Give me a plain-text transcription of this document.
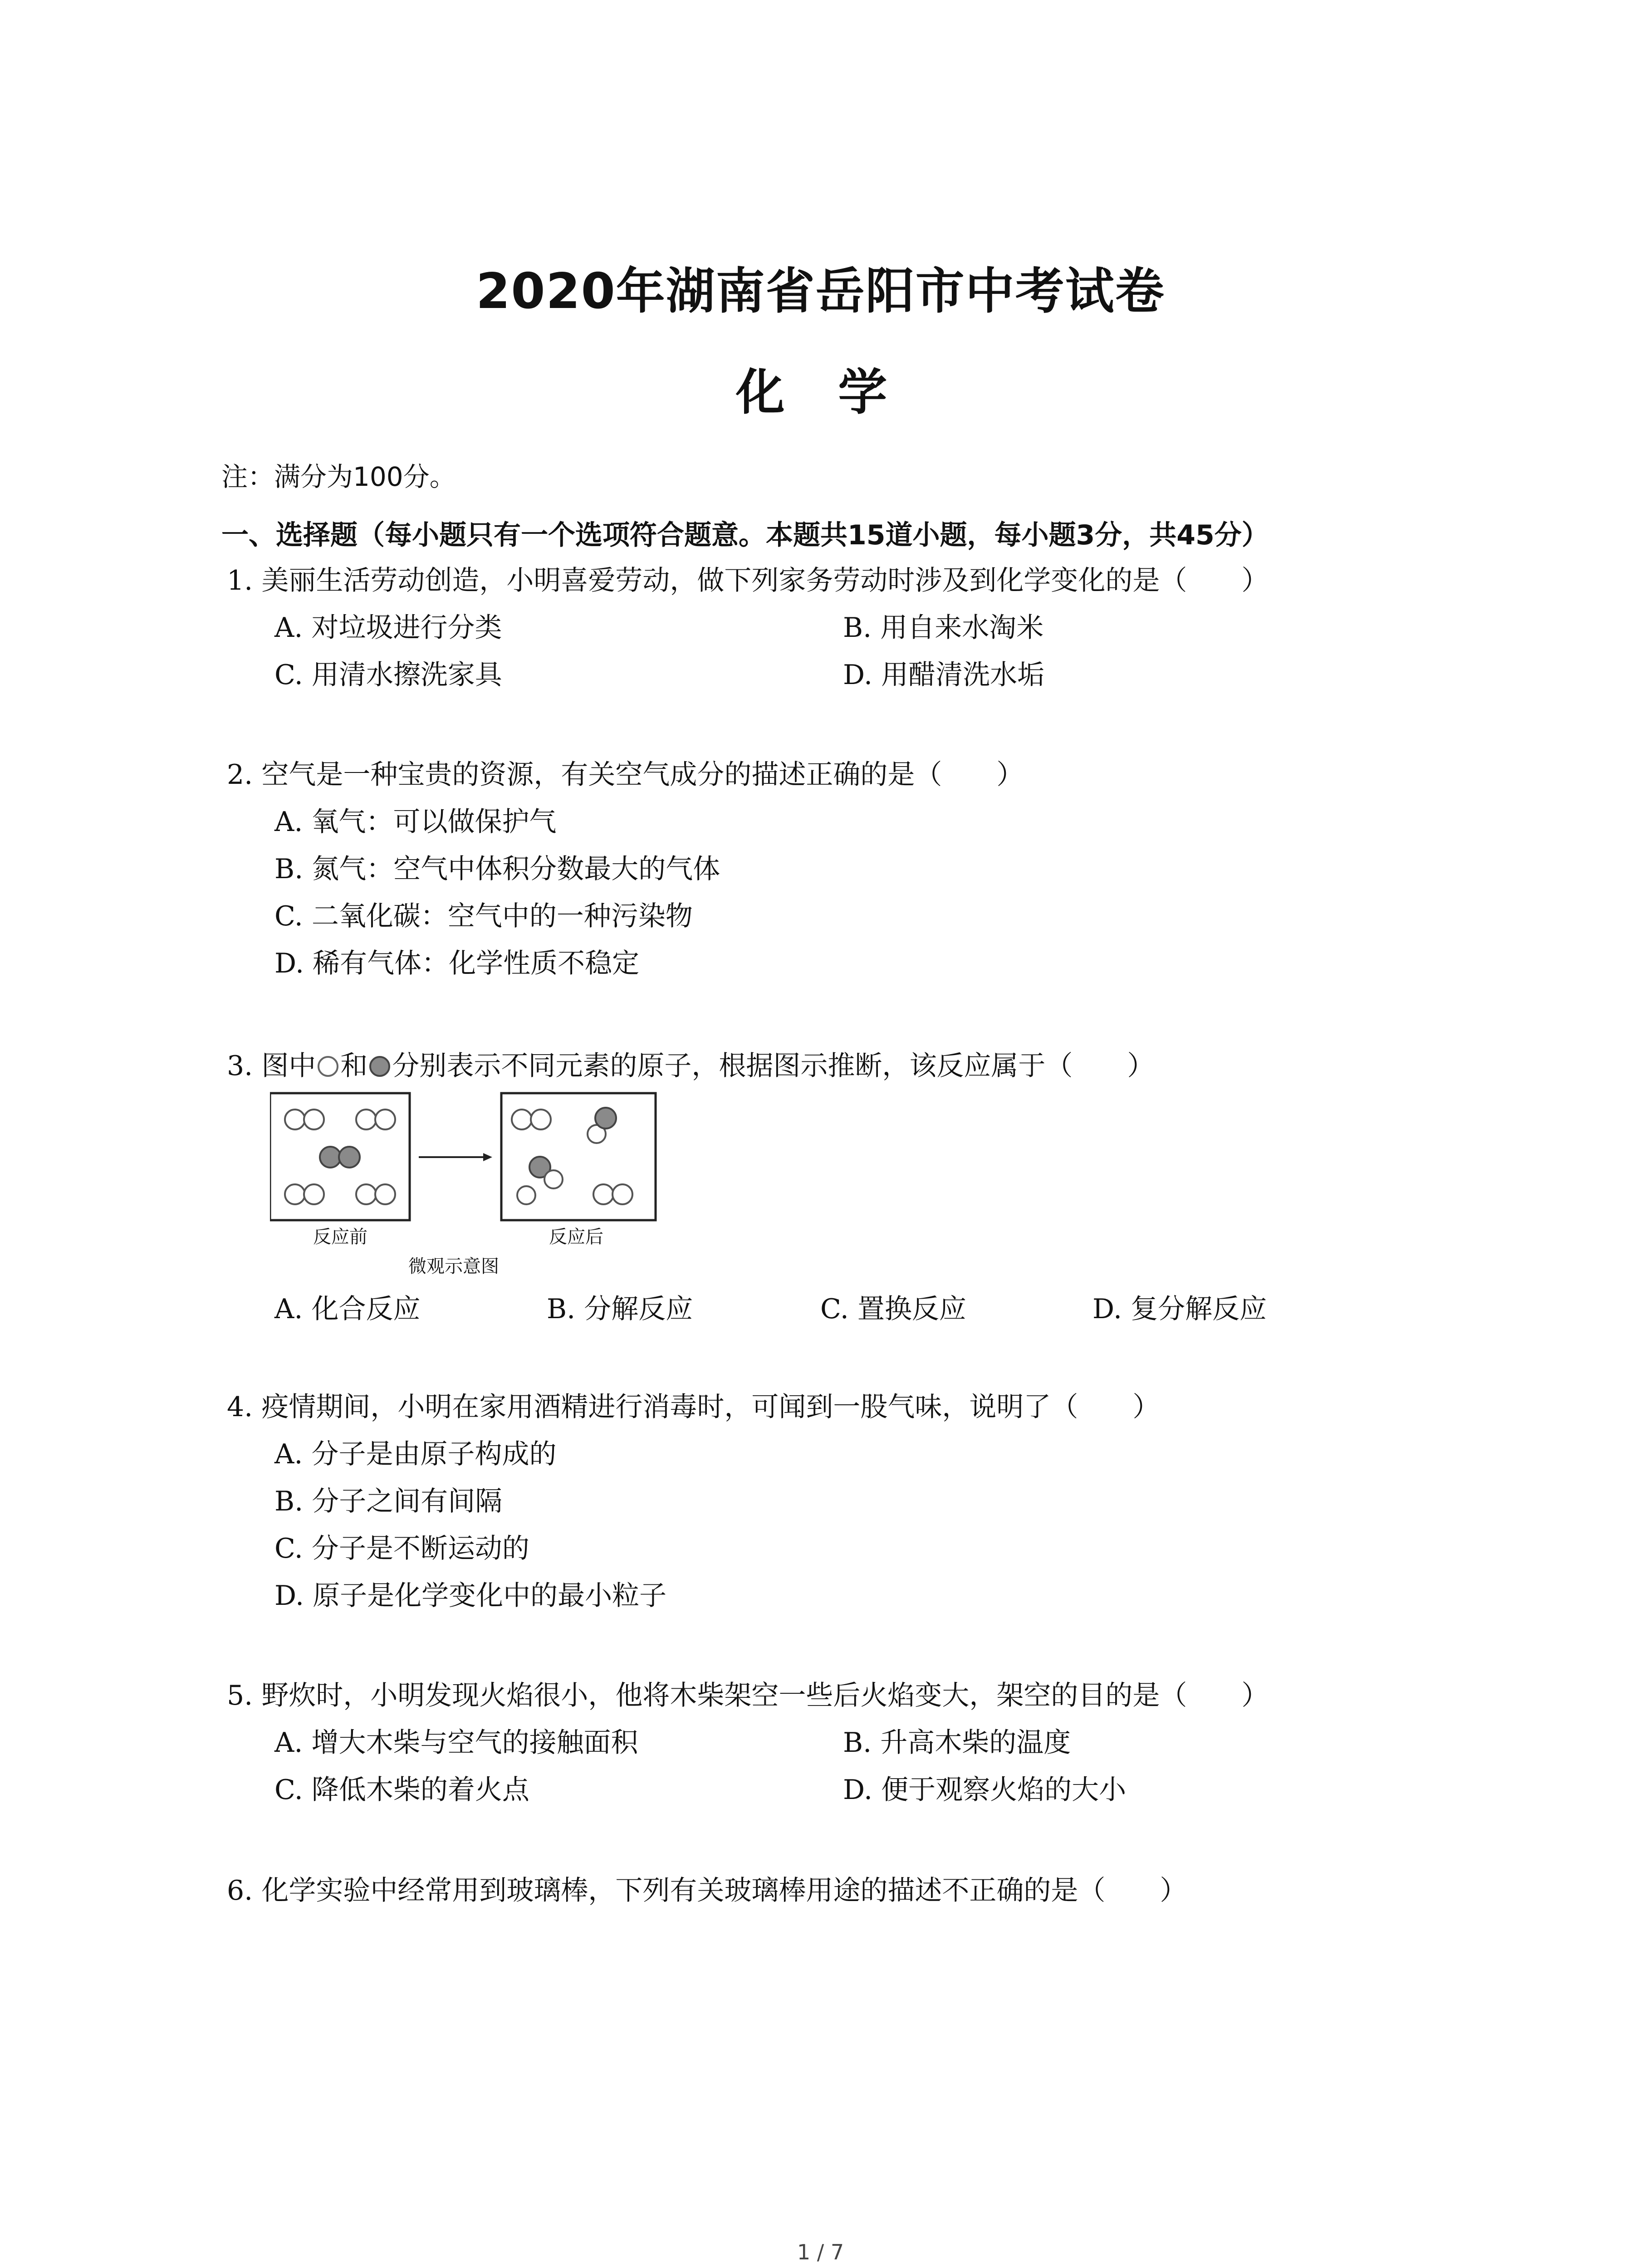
2020年湖南省岳阳市中考试卷
化 学
注：满分为100分。
一、选择题（每小题只有一个选项符合题意。本题共15道小题，每小题3分，共45分）
1. 美丽生活劳动创造，小明喜爱劳动，做下列家务劳动时涉及到化学变化的是（　　）
A. 对垃圾进行分类	B. 用自来水淘米
C. 用清水擦洗家具	D. 用醋清洗水垢
2. 空气是一种宝贵的资源，有关空气成分的描述正确的是（　　）
A. 氧气：可以做保护气
B. 氮气：空气中体积分数最大的气体
C. 二氧化碳：空气中的一种污染物
D. 稀有气体：化学性质不稳定
3. 图中 和 分别表示不同元素的原子，根据图示推断，该反应属于（　　）
反应前	反应后
微观示意图
A. 化合反应	B. 分解反应	C. 置换反应	D. 复分解反应
4. 疫情期间，小明在家用酒精进行消毒时，可闻到一股气味，说明了（　　）
A. 分子是由原子构成的
B. 分子之间有间隔
C. 分子是不断运动的
D. 原子是化学变化中的最小粒子
5. 野炊时，小明发现火焰很小，他将木柴架空一些后火焰变大，架空的目的是（　　）
A. 增大木柴与空气的接触面积	B. 升高木柴的温度
C. 降低木柴的着火点	D. 便于观察火焰的大小
6. 化学实验中经常用到玻璃棒，下列有关玻璃棒用途的描述不正确的是（　　）
1 / 7
